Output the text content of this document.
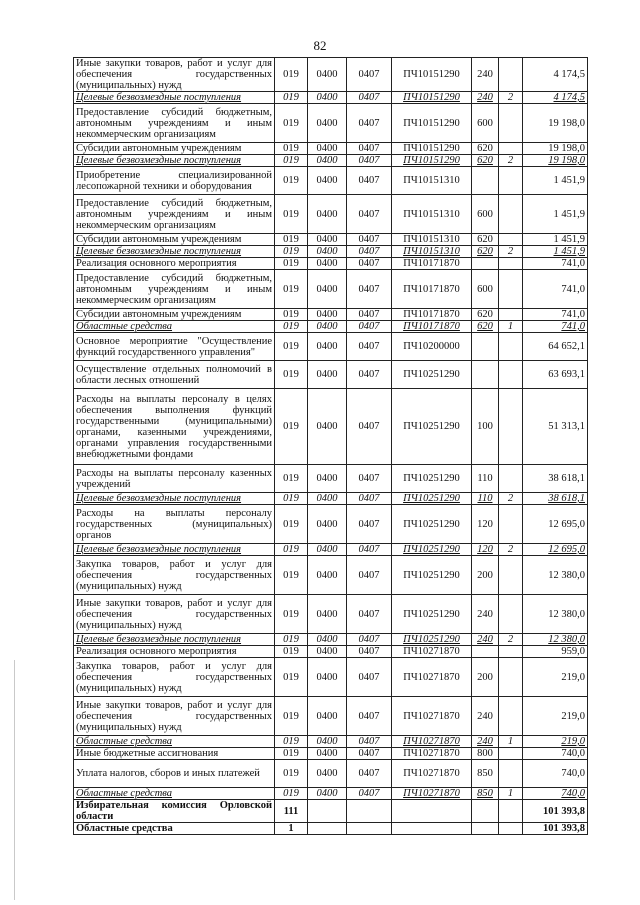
82
Иные закупки товаров, работ и услуг для обеспечения государственных (муниципальных) нужд	019	0400	0407	ПЧ10151290	240		4 174,5
Целевые безвозмездные поступления	019	0400	0407	ПЧ10151290	240	2	4 174,5
Предоставление субсидий бюджетным, автономным учреждениям и иным некоммерческим организациям	019	0400	0407	ПЧ10151290	600		19 198,0
Субсидии автономным учреждениям	019	0400	0407	ПЧ10151290	620		19 198,0
Целевые безвозмездные поступления	019	0400	0407	ПЧ10151290	620	2	19 198,0
Приобретение специализированной лесопожарной техники и оборудования	019	0400	0407	ПЧ10151310			1 451,9
Предоставление субсидий бюджетным, автономным учреждениям и иным некоммерческим организациям	019	0400	0407	ПЧ10151310	600		1 451,9
Субсидии автономным учреждениям	019	0400	0407	ПЧ10151310	620		1 451,9
Целевые безвозмездные поступления	019	0400	0407	ПЧ10151310	620	2	1 451,9
Реализация основного мероприятия	019	0400	0407	ПЧ10171870			741,0
Предоставление субсидий бюджетным, автономным учреждениям и иным некоммерческим организациям	019	0400	0407	ПЧ10171870	600		741,0
Субсидии автономным учреждениям	019	0400	0407	ПЧ10171870	620		741,0
Областные средства	019	0400	0407	ПЧ10171870	620	1	741,0
Основное мероприятие "Осуществление функций государственного управления"	019	0400	0407	ПЧ10200000			64 652,1
Осуществление отдельных полномочий в области лесных отношений	019	0400	0407	ПЧ10251290			63 693,1
Расходы на выплаты персоналу в целях обеспечения выполнения функций государственными (муниципальными) органами, казенными учреждениями, органами управления государственными внебюджетными фондами	019	0400	0407	ПЧ10251290	100		51 313,1
Расходы на выплаты персоналу казенных учреждений	019	0400	0407	ПЧ10251290	110		38 618,1
Целевые безвозмездные поступления	019	0400	0407	ПЧ10251290	110	2	38 618,1
Расходы на выплаты персоналу государственных (муниципальных) органов	019	0400	0407	ПЧ10251290	120		12 695,0
Целевые безвозмездные поступления	019	0400	0407	ПЧ10251290	120	2	12 695,0
Закупка товаров, работ и услуг для обеспечения государственных (муниципальных) нужд	019	0400	0407	ПЧ10251290	200		12 380,0
Иные закупки товаров, работ и услуг для обеспечения государственных (муниципальных) нужд	019	0400	0407	ПЧ10251290	240		12 380,0
Целевые безвозмездные поступления	019	0400	0407	ПЧ10251290	240	2	12 380,0
Реализация основного мероприятия	019	0400	0407	ПЧ10271870			959,0
Закупка товаров, работ и услуг для обеспечения государственных (муниципальных) нужд	019	0400	0407	ПЧ10271870	200		219,0
Иные закупки товаров, работ и услуг для обеспечения государственных (муниципальных) нужд	019	0400	0407	ПЧ10271870	240		219,0
Областные средства	019	0400	0407	ПЧ10271870	240	1	219,0
Иные бюджетные ассигнования	019	0400	0407	ПЧ10271870	800		740,0
Уплата налогов, сборов и иных платежей	019	0400	0407	ПЧ10271870	850		740,0
Областные средства	019	0400	0407	ПЧ10271870	850	1	740,0
Избирательная комиссия Орловской области	111						101 393,8
Областные средства	1						101 393,8
